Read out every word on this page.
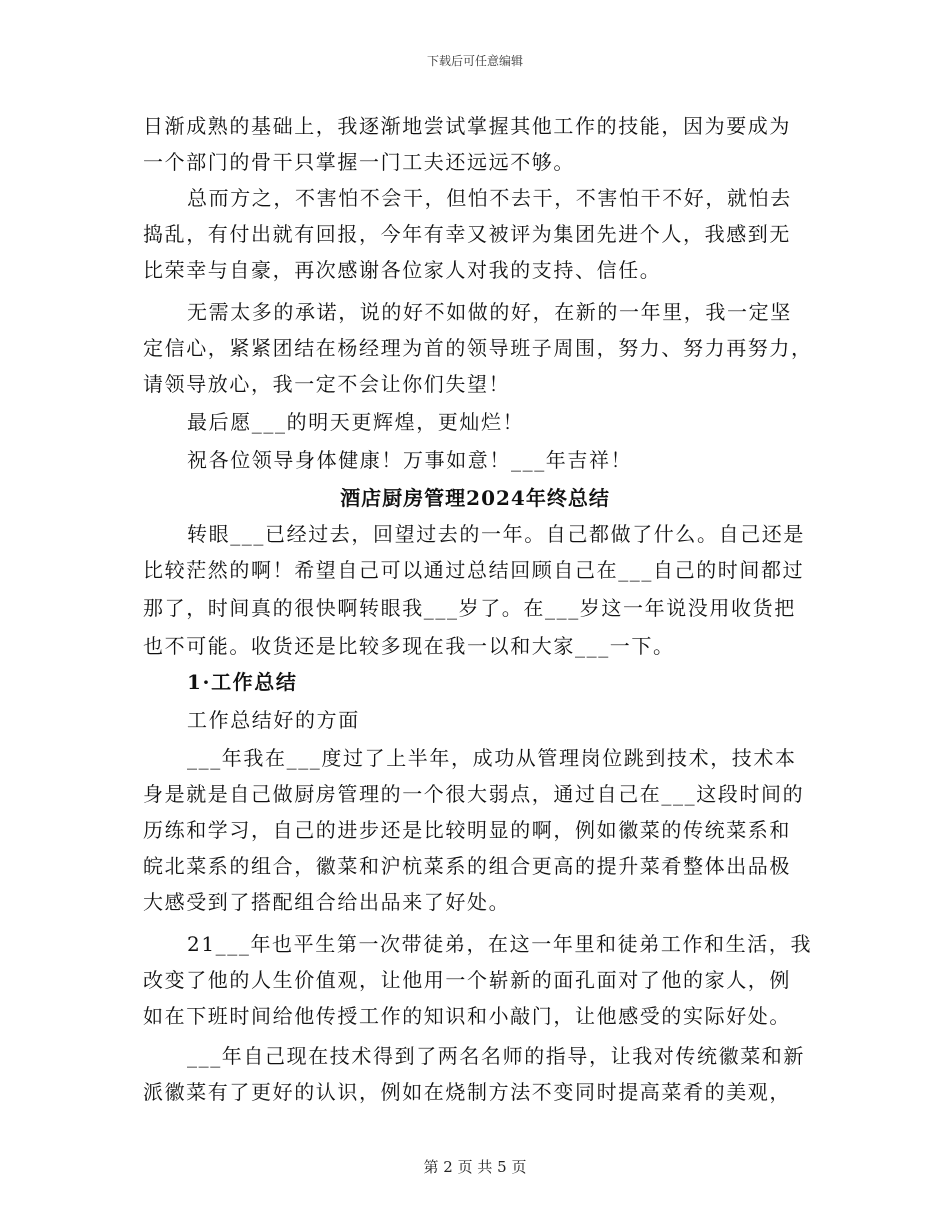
下载后可任意编辑
日渐成熟的基础上，我逐渐地尝试掌握其他工作的技能，因为要成为
一个部门的骨干只掌握一门工夫还远远不够。
总而方之，不害怕不会干，但怕不去干，不害怕干不好，就怕去
捣乱，有付出就有回报，今年有幸又被评为集团先进个人，我感到无
比荣幸与自豪，再次感谢各位家人对我的支持、信任。
无需太多的承诺，说的好不如做的好，在新的一年里，我一定坚
定信心，紧紧团结在杨经理为首的领导班子周围，努力、努力再努力，
请领导放心，我一定不会让你们失望！
最后愿___的明天更辉煌，更灿烂！
祝各位领导身体健康！万事如意！___年吉祥！
酒店厨房管理2024年终总结
转眼___已经过去，回望过去的一年。自己都做了什么。自己还是
比较茫然的啊！希望自己可以通过总结回顾自己在___自己的时间都过
那了，时间真的很快啊转眼我___岁了。在___岁这一年说没用收货把
也不可能。收货还是比较多现在我一以和大家___一下。
1·工作总结
工作总结好的方面
___年我在___度过了上半年，成功从管理岗位跳到技术，技术本
身是就是自己做厨房管理的一个很大弱点，通过自己在___这段时间的
历练和学习，自己的进步还是比较明显的啊，例如徽菜的传统菜系和
皖北菜系的组合，徽菜和沪杭菜系的组合更高的提升菜肴整体出品极
大感受到了搭配组合给出品来了好处。
21___年也平生第一次带徒弟，在这一年里和徒弟工作和生活，我
改变了他的人生价值观，让他用一个崭新的面孔面对了他的家人，例
如在下班时间给他传授工作的知识和小敲门，让他感受的实际好处。
___年自己现在技术得到了两名名师的指导，让我对传统徽菜和新
派徽菜有了更好的认识，例如在烧制方法不变同时提高菜肴的美观，
第 2 页 共 5 页
